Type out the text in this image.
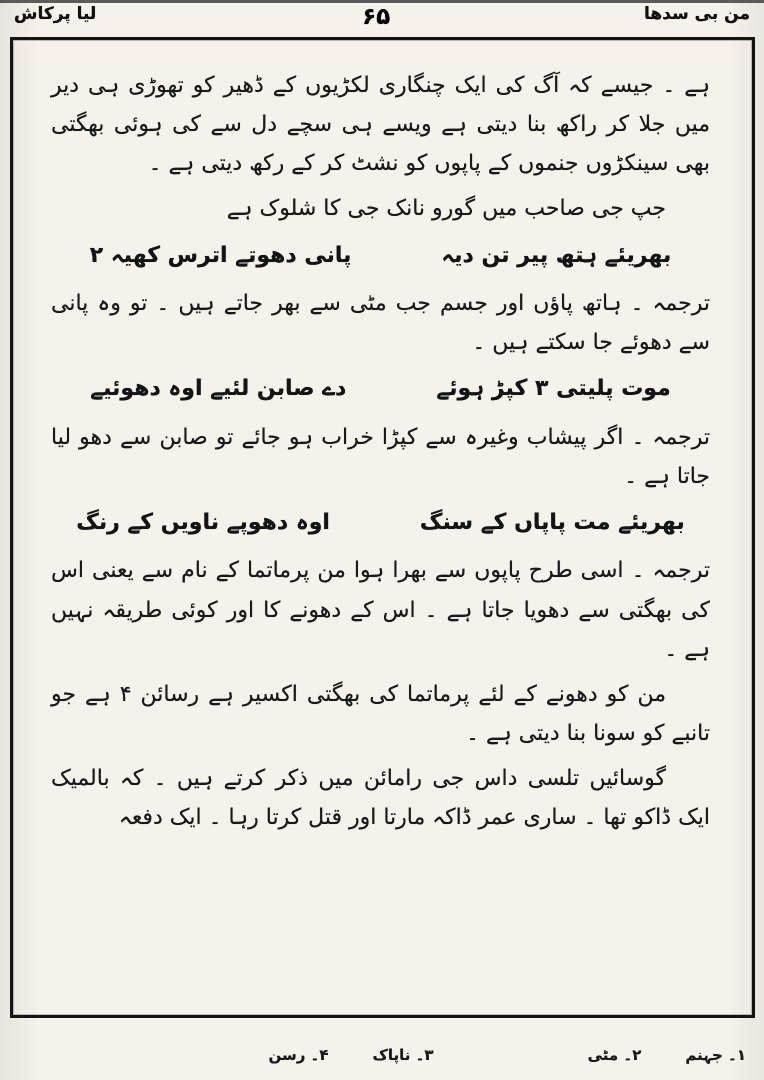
لیا پرکاش	۶۵	من بی سدھا

ہے ۔ جیسے کہ آگ کی ایک چنگاری لکڑیوں کے ڈھیر کو تھوڑی ہی دیر میں جلا کر راکھ بنا دیتی ہے ویسے ہی سچے دل سے کی ہوئی بھگتی بھی سینکڑوں جنموں کے پاپوں کو نشٹ کر کے رکھ دیتی ہے ۔

جپ جی صاحب میں گورو نانک جی کا شلوک ہے

بھریئے ہتھ پیر تن دیہ
پانی دھوتے اترس کھیہ ۲

ترجمہ ۔ ہاتھ پاؤں اور جسم جب مٹی سے بھر جاتے ہیں ۔ تو وہ پانی سے دھوئے جا سکتے ہیں ۔

موت پلیتی ۳ کپڑ ہوئے
دے صابن لئیے اوہ دھوئیے

ترجمہ ۔ اگر پیشاب وغیرہ سے کپڑا خراب ہو جائے تو صابن سے دھو لیا جاتا ہے ۔

بھریئے مت پاپاں کے سنگ
اوہ دھوپے ناویں کے رنگ

ترجمہ ۔ اسی طرح پاپوں سے بھرا ہوا من پرماتما کے نام سے یعنی اس کی بھگتی سے دھویا جاتا ہے ۔ اس کے دھونے کا اور کوئی طریقہ نہیں ہے ۔

من کو دھونے کے لئے پرماتما کی بھگتی اکسیر ہے رسائن ۴ ہے جو تانبے کو سونا بنا دیتی ہے ۔

گوسائیں تلسی داس جی رامائن میں ذکر کرتے ہیں ۔ کہ بالمیک ایک ڈاکو تھا ۔ ساری عمر ڈاکہ مارتا اور قتل کرتا رہا ۔ ایک دفعہ

۱۔ جہنم
۲۔ مٹی
۳۔ ناپاک
۴۔ رسن
